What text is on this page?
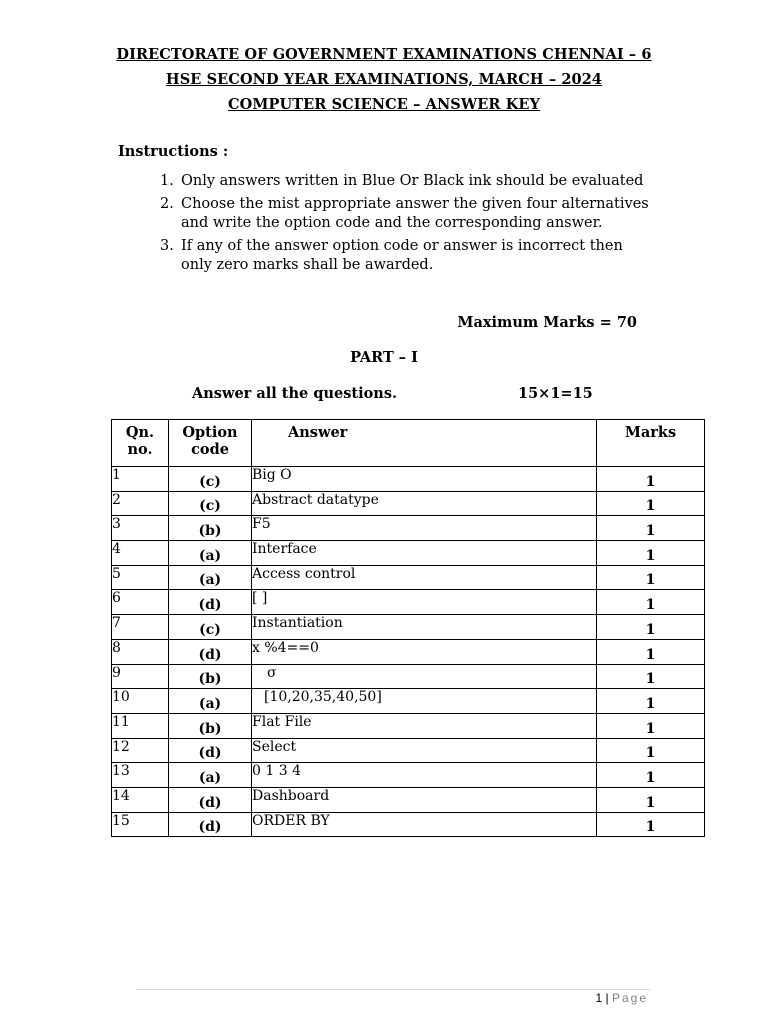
DIRECTORATE OF GOVERNMENT EXAMINATIONS CHENNAI – 6
HSE SECOND YEAR EXAMINATIONS, MARCH – 2024
COMPUTER SCIENCE – ANSWER KEY
Instructions :
1. Only answers written in Blue Or Black ink should be evaluated
2. Choose the mist appropriate answer the given four alternatives and write the option code and the corresponding answer.
3. If any of the answer option code or answer is incorrect then only zero marks shall be awarded.
Maximum Marks = 70
PART – I
Answer all the questions.	15×1=15
Qn. no.	Option code	Answer	Marks
1	(c)	Big O	1
2	(c)	Abstract datatype	1
3	(b)	F5	1
4	(a)	Interface	1
5	(a)	Access control	1
6	(d)	[ ]	1
7	(c)	Instantiation	1
8	(d)	x %4==0	1
9	(b)	σ	1
10	(a)	[10,20,35,40,50]	1
11	(b)	Flat File	1
12	(d)	Select	1
13	(a)	0 1 3 4	1
14	(d)	Dashboard	1
15	(d)	ORDER BY	1
1 | Page
